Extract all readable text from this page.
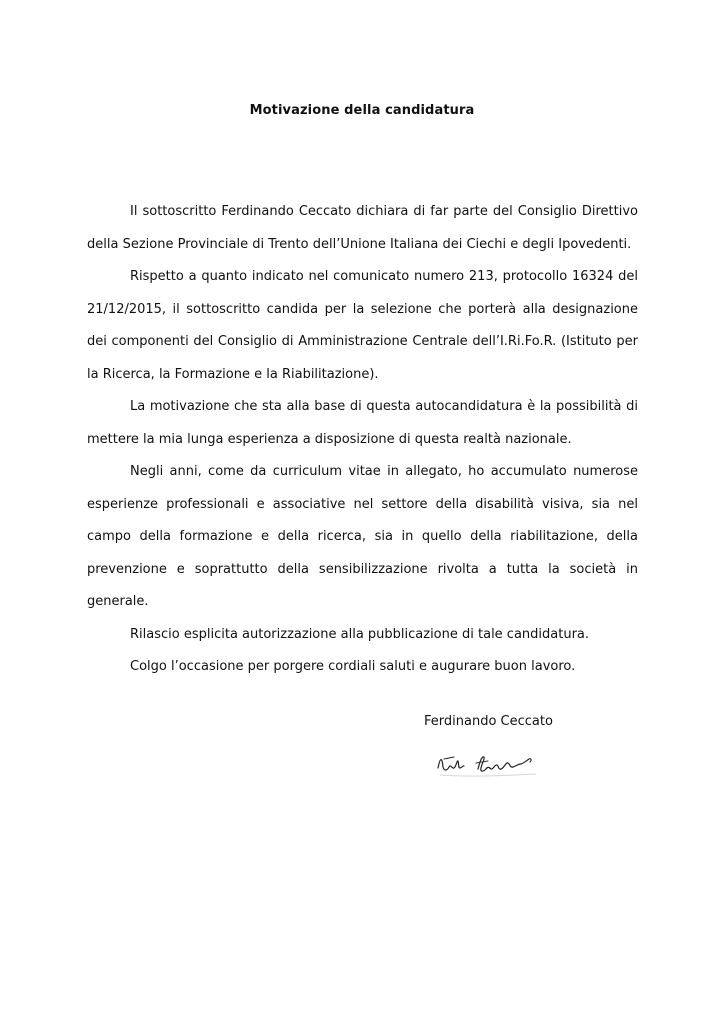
Motivazione della candidatura

Il sottoscritto Ferdinando Ceccato dichiara di far parte del Consiglio Direttivo della Sezione Provinciale di Trento dell’Unione Italiana dei Ciechi e degli Ipovedenti.

Rispetto a quanto indicato nel comunicato numero 213, protocollo 16324 del 21/12/2015, il sottoscritto candida per la selezione che porterà alla designazione dei componenti del Consiglio di Amministrazione Centrale dell’I.Ri.Fo.R. (Istituto per la Ricerca, la Formazione e la Riabilitazione).

La motivazione che sta alla base di questa autocandidatura è la possibilità di mettere la mia lunga esperienza a disposizione di questa realtà nazionale.

Negli anni, come da curriculum vitae in allegato, ho accumulato numerose esperienze professionali e associative nel settore della disabilità visiva, sia nel campo della formazione e della ricerca, sia in quello della riabilitazione, della prevenzione e soprattutto della sensibilizzazione rivolta a tutta la società in generale.

Rilascio esplicita autorizzazione alla pubblicazione di tale candidatura.

Colgo l’occasione per porgere cordiali saluti e augurare buon lavoro.

Ferdinando Ceccato
